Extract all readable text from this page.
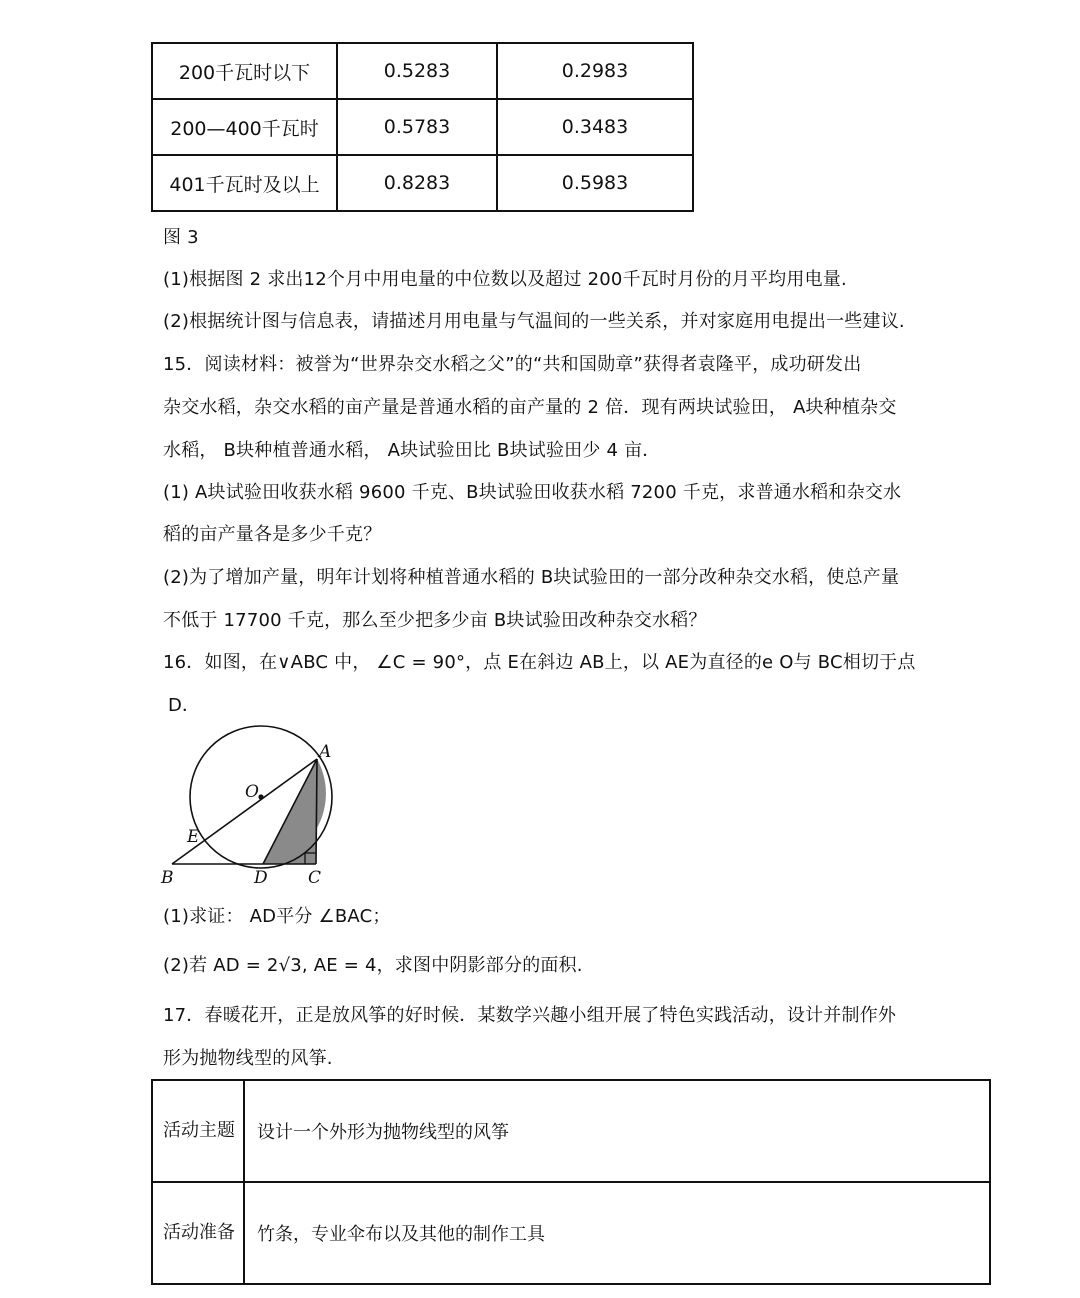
200千瓦时以下	0.5283	0.2983
200—400千瓦时	0.5783	0.3483
401千瓦时及以上	0.8283	0.5983
图 3
(1)根据图 2 求出12个月中用电量的中位数以及超过 200千瓦时月份的月平均用电量.
(2)根据统计图与信息表，请描述月用电量与气温间的一些关系，并对家庭用电提出一些建议.
15．阅读材料：被誉为“世界杂交水稻之父”的“共和国勋章”获得者袁隆平，成功研发出
杂交水稻，杂交水稻的亩产量是普通水稻的亩产量的 2 倍．现有两块试验田， A块种植杂交
水稻， B块种植普通水稻， A块试验田比 B块试验田少 4 亩．
(1) A块试验田收获水稻 9600 千克、B块试验田收获水稻 7200 千克，求普通水稻和杂交水
稻的亩产量各是多少千克？
(2)为了增加产量，明年计划将种植普通水稻的 B块试验田的一部分改种杂交水稻，使总产量
不低于 17700 千克，那么至少把多少亩 B块试验田改种杂交水稻？
16．如图，在∨ABC 中， ∠C = 90°，点 E在斜边 AB上，以 AE为直径的e O与 BC相切于点
D．
A
O
E
B	D C
(1)求证： AD平分 ∠BAC；
(2)若 AD = 2√3, AE = 4，求图中阴影部分的面积.
17．春暖花开，正是放风筝的好时候．某数学兴趣小组开展了特色实践活动，设计并制作外
形为抛物线型的风筝.
活动主题	设计一个外形为抛物线型的风筝
活动准备	竹条，专业伞布以及其他的制作工具
